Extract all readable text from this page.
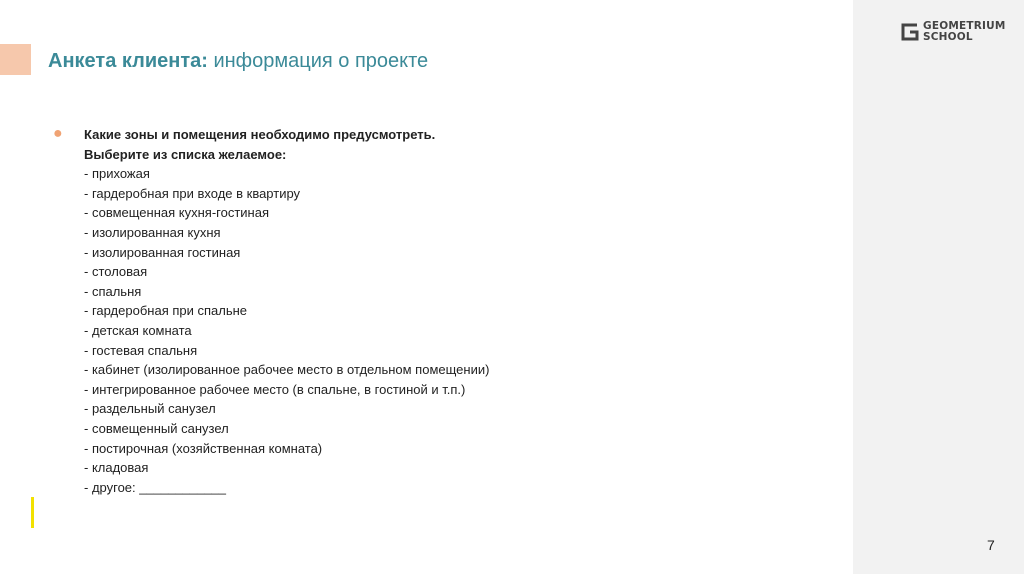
GEOMETRIUM
SCHOOL
Анкета клиента: информация о проекте
● Какие зоны и помещения необходимо предусмотреть.
Выберите из списка желаемое:
- прихожая
- гардеробная при входе в квартиру
- совмещенная кухня-гостиная
- изолированная кухня
- изолированная гостиная
- столовая
- спальня
- гардеробная при спальне
- детская комната
- гостевая спальня
- кабинет (изолированное рабочее место в отдельном помещении)
- интегрированное рабочее место (в спальне, в гостиной и т.п.)
- раздельный санузел
- совмещенный санузел
- постирочная (хозяйственная комната)
- кладовая
- другое: ____________
7
